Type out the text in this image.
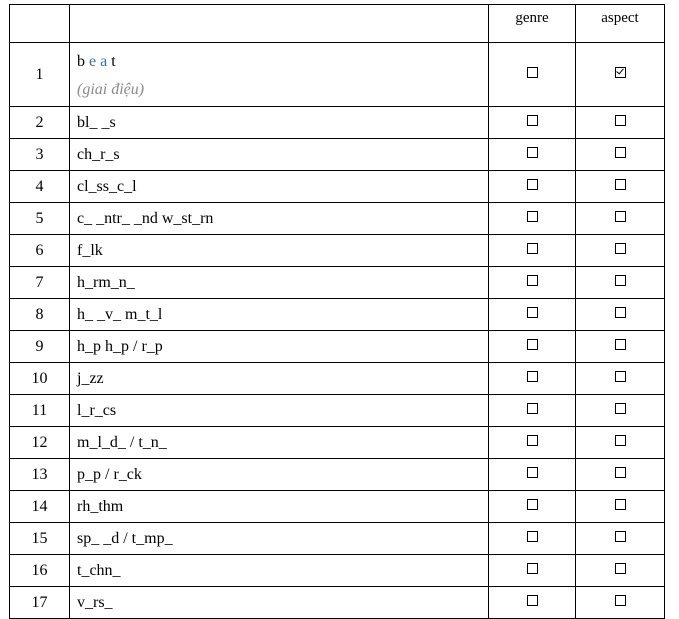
		genre	aspect
1	b e a t
(giai điệu)		

2	bl_ _s		
3	ch_r_s		
4	cl_ss_c_l		
5	c_ _ntr_ _nd w_st_rn		
6	f_lk		
7	h_rm_n_		
8	h_ _v_ m_t_l		
9	h_p h_p / r_p		
10	j_zz		
11	l_r_cs		
12	m_l_d_ / t_n_		
13	p_p / r_ck		
14	rh_thm		
15	sp_ _d / t_mp_		
16	t_chn_		
17	v_rs_		
